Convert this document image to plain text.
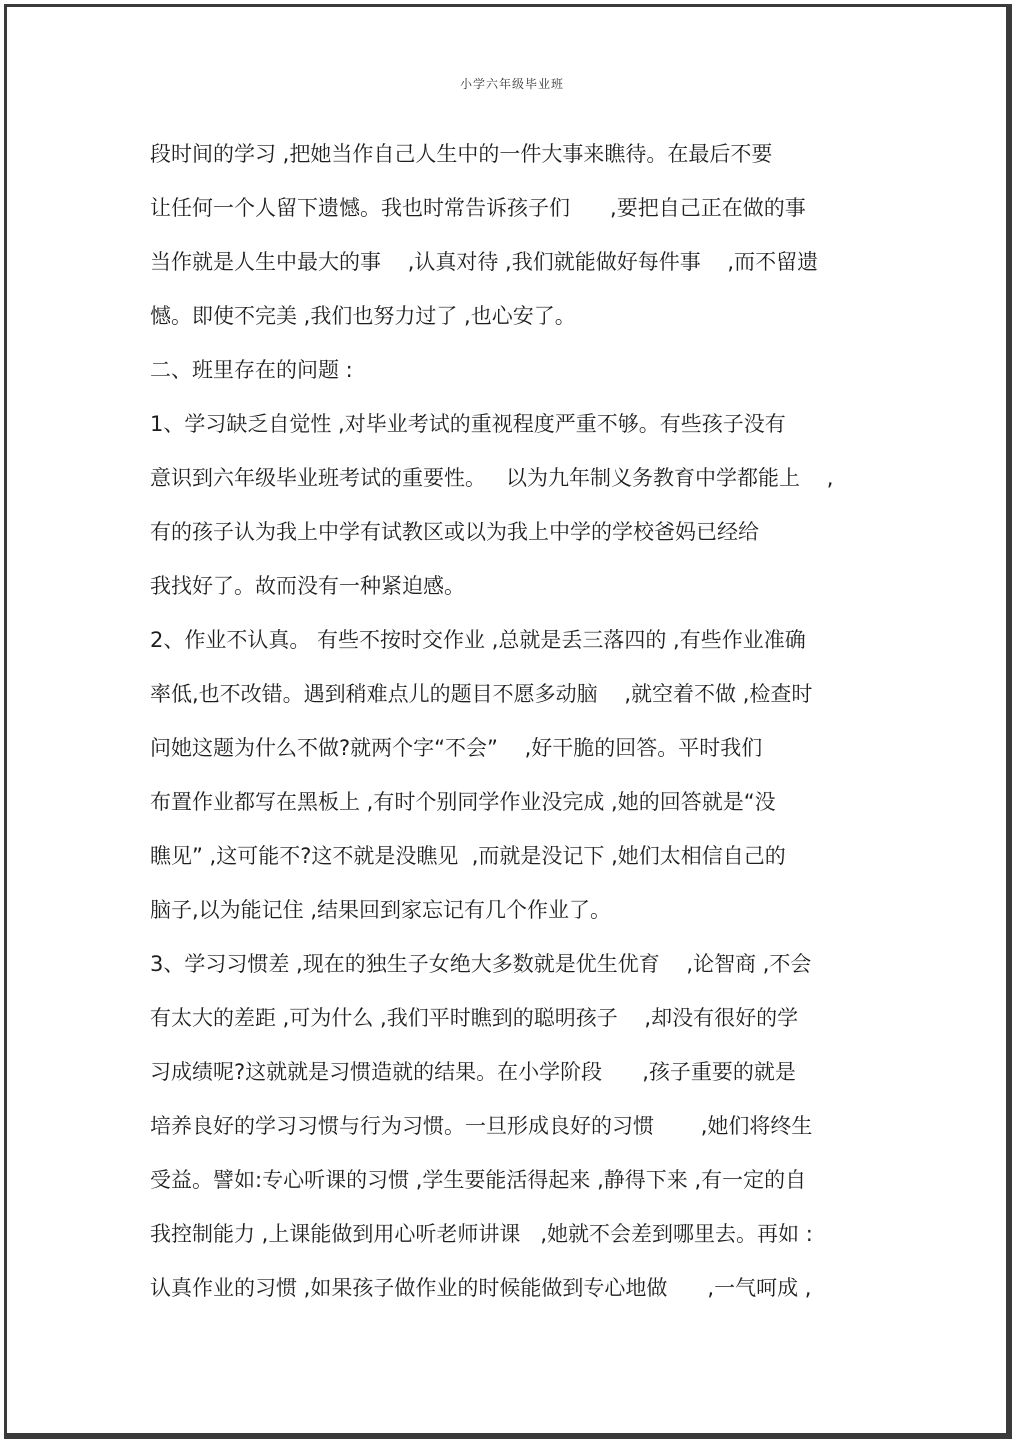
小学六年级毕业班

段时间的学习 ,把她当作自己人生中的一件大事来瞧待。在最后不要

让任何一个人留下遗憾。我也时常告诉孩子们      ,要把自己正在做的事

当作就是人生中最大的事    ,认真对待 ,我们就能做好每件事    ,而不留遗

憾。即使不完美 ,我们也努力过了 ,也心安了。

二、班里存在的问题 :

1、学习缺乏自觉性 ,对毕业考试的重视程度严重不够。有些孩子没有

意识到六年级毕业班考试的重要性。   以为九年制义务教育中学都能上    ,

有的孩子认为我上中学有试教区或以为我上中学的学校爸妈已经给

我找好了。故而没有一种紧迫感。

2、作业不认真。 有些不按时交作业 ,总就是丢三落四的 ,有些作业准确

率低,也不改错。遇到稍难点儿的题目不愿多动脑    ,就空着不做 ,检查时

问她这题为什么不做?就两个字“不会”    ,好干脆的回答。平时我们

布置作业都写在黑板上 ,有时个别同学作业没完成 ,她的回答就是“没

瞧见” ,这可能不?这不就是没瞧见  ,而就是没记下 ,她们太相信自己的

脑子,以为能记住 ,结果回到家忘记有几个作业了。

3、学习习惯差 ,现在的独生子女绝大多数就是优生优育    ,论智商 ,不会

有太大的差距 ,可为什么 ,我们平时瞧到的聪明孩子    ,却没有很好的学

习成绩呢?这就就是习惯造就的结果。在小学阶段      ,孩子重要的就是

培养良好的学习习惯与行为习惯。一旦形成良好的习惯       ,她们将终生

受益。譬如:专心听课的习惯 ,学生要能活得起来 ,静得下来 ,有一定的自

我控制能力 ,上课能做到用心听老师讲课   ,她就不会差到哪里去。再如 :

认真作业的习惯 ,如果孩子做作业的时候能做到专心地做      ,一气呵成 ,
